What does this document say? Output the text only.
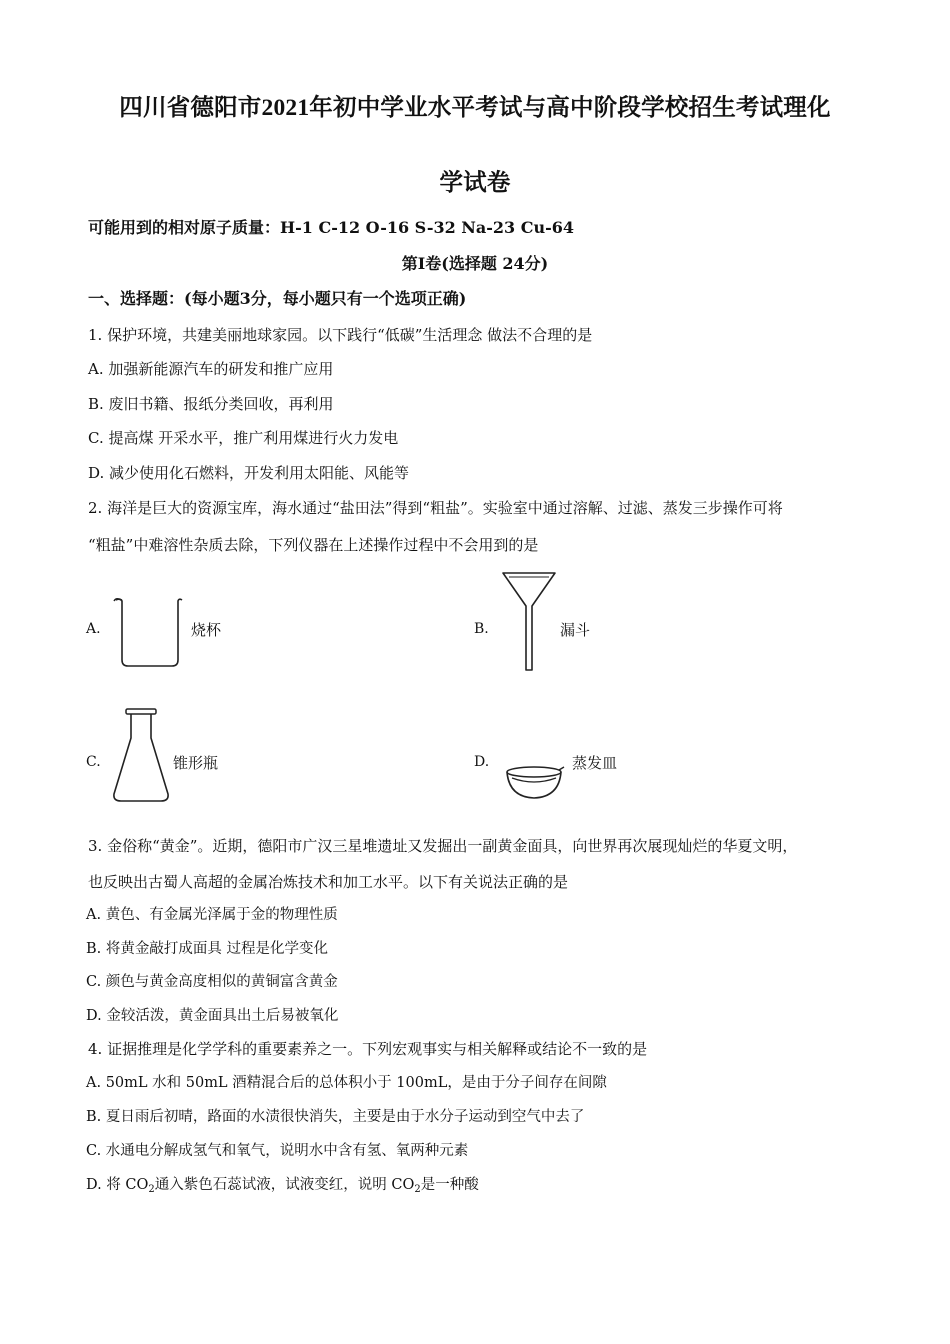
四川省德阳市2021年初中学业水平考试与高中阶段学校招生考试理化
学试卷
可能用到的相对原子质量：H-1 C-12 O-16 S-32 Na-23 Cu-64
第Ⅰ卷(选择题 24分)
一、选择题：(每小题3分，每小题只有一个选项正确)
1. 保护环境，共建美丽地球家园。以下践行“低碳”生活理念 做法不合理的是
A. 加强新能源汽车的研发和推广应用
B. 废旧书籍、报纸分类回收，再利用
C. 提高煤 开采水平，推广利用煤进行火力发电
D. 减少使用化石燃料，开发利用太阳能、风能等
2. 海洋是巨大的资源宝库，海水通过“盐田法”得到“粗盐”。实验室中通过溶解、过滤、蒸发三步操作可将
“粗盐”中难溶性杂质去除，下列仪器在上述操作过程中不会用到的是
A.	烧杯	B.	漏斗
C.	锥形瓶	D.	蒸发皿
3. 金俗称“黄金”。近期，德阳市广汉三星堆遗址又发掘出一副黄金面具，向世界再次展现灿烂的华夏文明，
也反映出古蜀人高超的金属冶炼技术和加工水平。以下有关说法正确的是
A. 黄色、有金属光泽属于金的物理性质
B. 将黄金敲打成面具 过程是化学变化
C. 颜色与黄金高度相似的黄铜富含黄金
D. 金较活泼，黄金面具出土后易被氧化
4. 证据推理是化学学科的重要素养之一。下列宏观事实与相关解释或结论不一致的是
A. 50mL 水和 50mL 酒精混合后的总体积小于 100mL，是由于分子间存在间隙
B. 夏日雨后初晴，路面的水渍很快消失，主要是由于水分子运动到空气中去了
C. 水通电分解成氢气和氧气，说明水中含有氢、氧两种元素
D. 将 $CO_2$通入紫色石蕊试液，试液变红，说明 $CO_2$是一种酸
